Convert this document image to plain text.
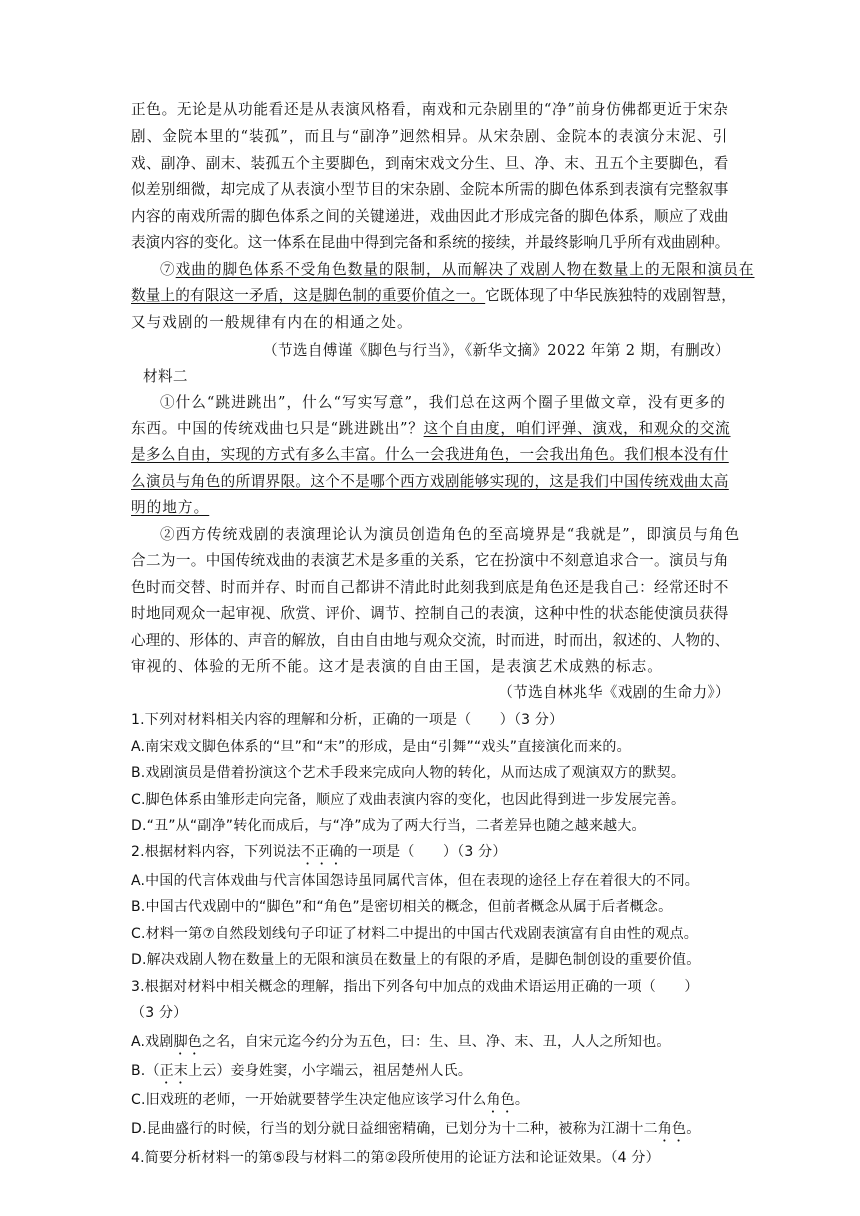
正色。无论是从功能看还是从表演风格看，南戏和元杂剧里的“净”前身仿佛都更近于宋杂
剧、金院本里的“装孤”，而且与“副净”迥然相异。从宋杂剧、金院本的表演分末泥、引
戏、副净、副末、装孤五个主要脚色，到南宋戏文分生、旦、净、末、丑五个主要脚色，看
似差别细微，却完成了从表演小型节目的宋杂剧、金院本所需的脚色体系到表演有完整叙事
内容的南戏所需的脚色体系之间的关键递进，戏曲因此才形成完备的脚色体系，顺应了戏曲
表演内容的变化。这一体系在昆曲中得到完备和系统的接续，并最终影响几乎所有戏曲剧种。
⑦戏曲的脚色体系不受角色数量的限制，从而解决了戏剧人物在数量上的无限和演员在
数量上的有限这一矛盾，这是脚色制的重要价值之一。它既体现了中华民族独特的戏剧智慧，
又与戏剧的一般规律有内在的相通之处。
（节选自傅谨《脚色与行当》，《新华文摘》2022 年第 2 期，有删改）
材料二
①什么“跳进跳出”，什么“写实写意”，我们总在这两个圈子里做文章，没有更多的
东西。中国的传统戏曲乜只是“跳进跳出”？这个自由度，咱们评弹、演戏，和观众的交流
是多么自由，实现的方式有多么丰富。什么一会我进角色，一会我出角色。我们根本没有什
么演员与角色的所谓界限。这个不是哪个西方戏剧能够实现的，这是我们中国传统戏曲太高
明的地方。
②西方传统戏剧的表演理论认为演员创造角色的至高境界是“我就是”，即演员与角色
合二为一。中国传统戏曲的表演艺术是多重的关系，它在扮演中不刻意追求合一。演员与角
色时而交替、时而并存、时而自己都讲不清此时此刻我到底是角色还是我自己：经常还时不
时地同观众一起审视、欣赏、评价、调节、控制自己的表演，这种中性的状态能使演员获得
心理的、形体的、声音的解放，自由自由地与观众交流，时而进，时而出，叙述的、人物的、
审视的、体验的无所不能。这才是表演的自由王国，是表演艺术成熟的标志。
（节选自林兆华《戏剧的生命力》）
1.下列对材料相关内容的理解和分析，正确的一项是（　　）（3 分）
A.南宋戏文脚色体系的“旦”和“末”的形成，是由“引舞”“戏头”直接演化而来的。
B.戏剧演员是借着扮演这个艺术手段来完成向人物的转化，从而达成了观演双方的默契。
C.脚色体系由雏形走向完备，顺应了戏曲表演内容的变化，也因此得到进一步发展完善。
D.“丑”从“副净”转化而成后，与“净”成为了两大行当，二者差异也随之越来越大。
2.根据材料内容，下列说法不正确的一项是（　　）（3 分）
A.中国的代言体戏曲与代言体国怨诗虽同属代言体，但在表现的途径上存在着很大的不同。
B.中国古代戏剧中的“脚色”和“角色”是密切相关的概念，但前者概念从属于后者概念。
C.材料一第⑦自然段划线句子印证了材料二中提出的中国古代戏剧表演富有自由性的观点。
D.解决戏剧人物在数量上的无限和演员在数量上的有限的矛盾，是脚色制创设的重要价值。
3.根据对材料中相关概念的理解，指出下列各句中加点的戏曲术语运用正确的一项（　　）
（3 分）
A.戏剧脚色之名，自宋元迄今约分为五色，曰：生、旦、净、末、丑，人人之所知也。
B.（正末上云）妾身姓窦，小字端云，祖居楚州人氏。
C.旧戏班的老师，一开始就要替学生决定他应该学习什么角色。
D.昆曲盛行的时候，行当的划分就日益细密精确，已划分为十二种，被称为江湖十二角色。
4.简要分析材料一的第⑤段与材料二的第②段所使用的论证方法和论证效果。（4 分）
